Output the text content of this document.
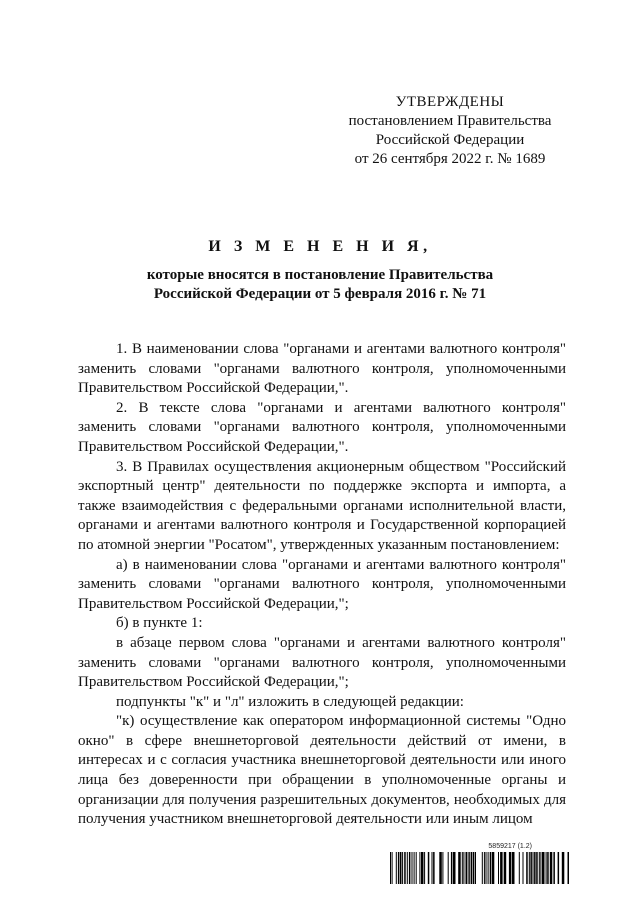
УТВЕРЖДЕНЫ
постановлением Правительства
Российской Федерации
от 26 сентября 2022 г. № 1689
И З М Е Н Е Н И Я,
которые вносятся в постановление Правительства
Российской Федерации от 5 февраля 2016 г. № 71

1. В наименовании слова "органами и агентами валютного контроля" заменить словами "органами валютного контроля, уполномоченными Правительством Российской Федерации,".

2. В тексте слова "органами и агентами валютного контроля" заменить словами "органами валютного контроля, уполномоченными Правительством Российской Федерации,".

3. В Правилах осуществления акционерным обществом "Российский экспортный центр" деятельности по поддержке экспорта и импорта, а также взаимодействия с федеральными органами исполнительной власти, органами и агентами валютного контроля и Государственной корпорацией по атомной энергии "Росатом", утвержденных указанным постановлением:

а) в наименовании слова "органами и агентами валютного контроля" заменить словами "органами валютного контроля, уполномоченными Правительством Российской Федерации,";

б) в пункте 1:

в абзаце первом слова "органами и агентами валютного контроля" заменить словами "органами валютного контроля, уполномоченными Правительством Российской Федерации,";

подпункты "к" и "л" изложить в следующей редакции:

"к) осуществление как оператором информационной системы "Одно окно" в сфере внешнеторговой деятельности действий от имени, в интересах и с согласия участника внешнеторговой деятельности или иного лица без доверенности при обращении в уполномоченные органы и организации для получения разрешительных документов, необходимых для получения участником внешнеторговой деятельности или иным лицом

5859217 (1.2)
